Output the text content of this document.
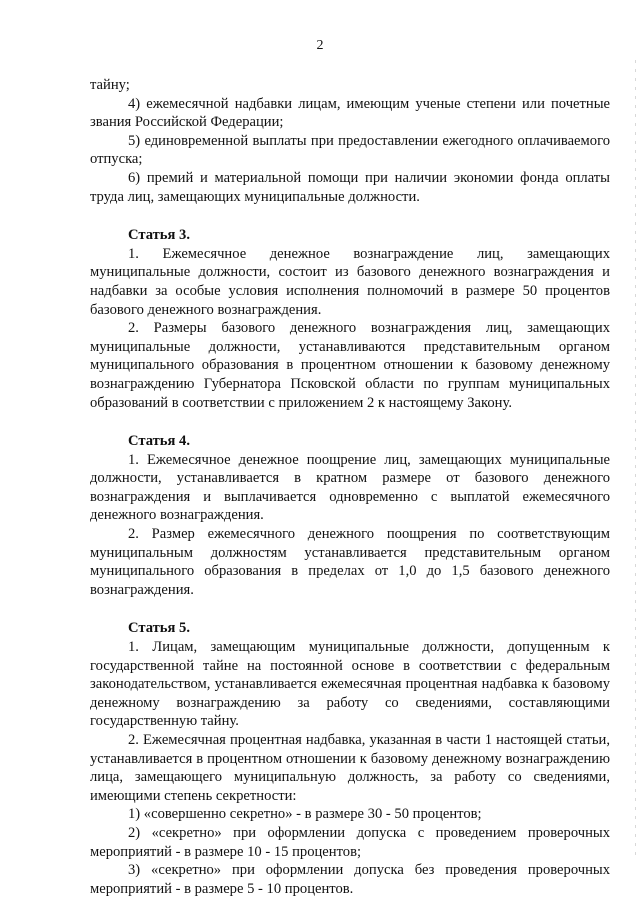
2

тайну;

4) ежемесячной надбавки лицам, имеющим ученые степени или почетные звания Российской Федерации;

5) единовременной выплаты при предоставлении ежегодного оплачиваемого отпуска;

6) премий и материальной помощи при наличии экономии фонда оплаты труда лиц, замещающих муниципальные должности.

Статья 3.

1. Ежемесячное денежное вознаграждение лиц, замещающих муниципальные должности, состоит из базового денежного вознаграждения и надбавки за особые условия исполнения полномочий в размере 50 процентов базового денежного вознаграждения.

2. Размеры базового денежного вознаграждения лиц, замещающих муниципальные должности, устанавливаются представительным органом муниципального образования в процентном отношении к базовому денежному вознаграждению Губернатора Псковской области по группам муниципальных образований в соответствии с приложением 2 к настоящему Закону.

Статья 4.

1. Ежемесячное денежное поощрение лиц, замещающих муниципальные должности, устанавливается в кратном размере от базового денежного вознаграждения и выплачивается одновременно с выплатой ежемесячного денежного вознаграждения.

2. Размер ежемесячного денежного поощрения по соответствующим муниципальным должностям устанавливается представительным органом муниципального образования в пределах от 1,0 до 1,5 базового денежного вознаграждения.

Статья 5.

1. Лицам, замещающим муниципальные должности, допущенным к государственной тайне на постоянной основе в соответствии с федеральным законодательством, устанавливается ежемесячная процентная надбавка к базовому денежному вознаграждению за работу со сведениями, составляющими государственную тайну.

2. Ежемесячная процентная надбавка, указанная в части 1 настоящей статьи, устанавливается в процентном отношении к базовому денежному вознаграждению лица, замещающего муниципальную должность, за работу со сведениями, имеющими степень секретности:

1) «совершенно секретно» - в размере 30 - 50 процентов;

2) «секретно» при оформлении допуска с проведением проверочных мероприятий - в размере 10 - 15 процентов;

3) «секретно» при оформлении допуска без проведения проверочных мероприятий - в размере 5 - 10 процентов.
